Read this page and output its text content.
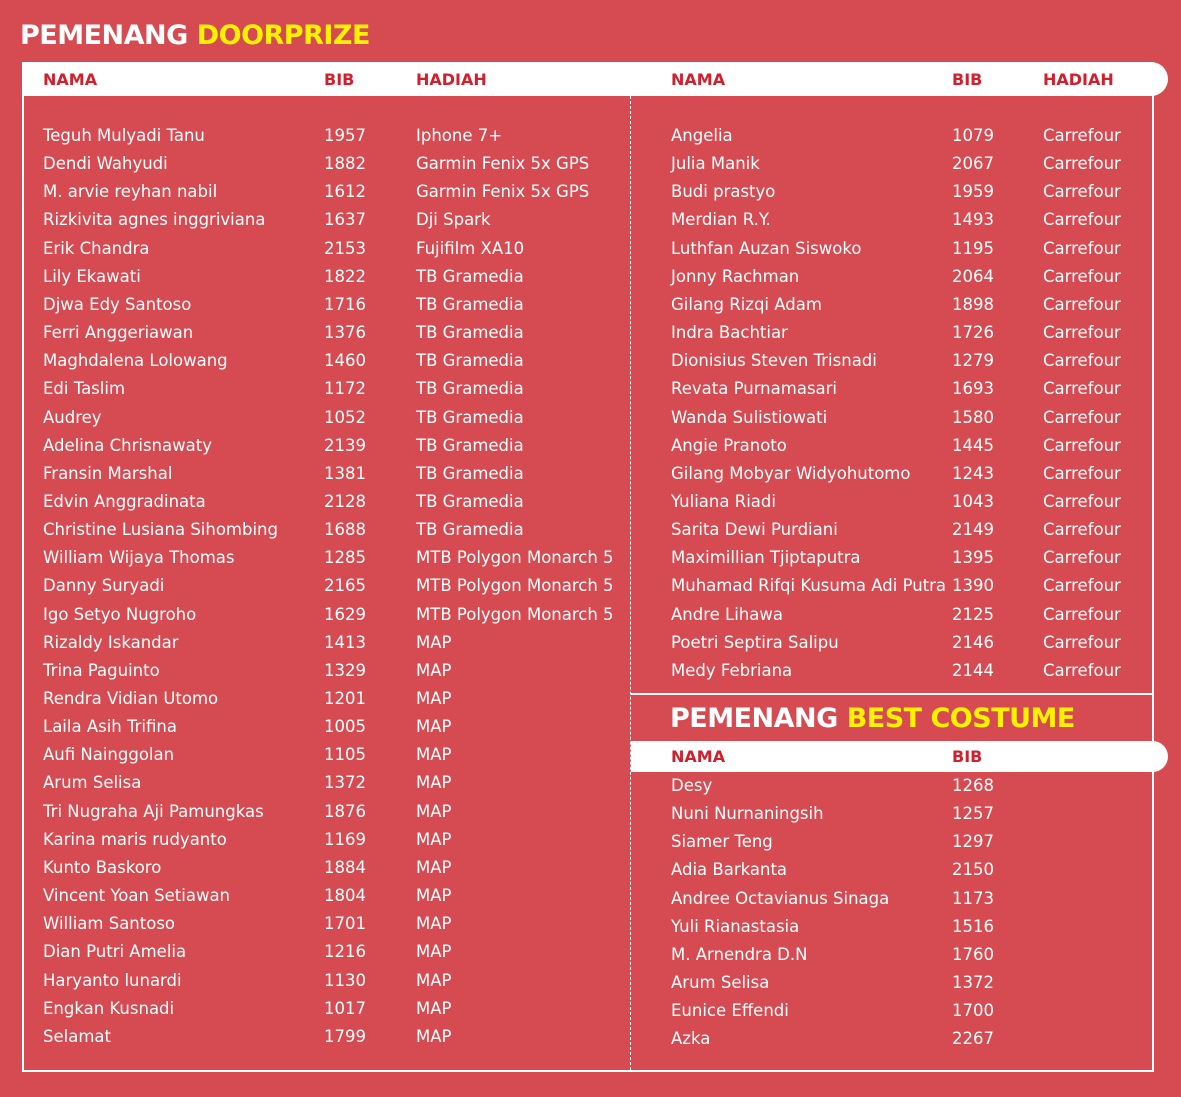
PEMENANG DOORPRIZE
PEMENANG BEST COSTUME
NAMA	BIB	HADIAH	NAMA	BIB	HADIAH
NAMA	BIB
Teguh Mulyadi Tanu	1957	Iphone 7+
Dendi Wahyudi	1882	Garmin Fenix 5x GPS
M. arvie reyhan nabil	1612	Garmin Fenix 5x GPS
Rizkivita agnes inggriviana	1637	Dji Spark
Erik Chandra	2153	Fujifilm XA10
Lily Ekawati	1822	TB Gramedia
Djwa Edy Santoso	1716	TB Gramedia
Ferri Anggeriawan	1376	TB Gramedia
Maghdalena Lolowang	1460	TB Gramedia
Edi Taslim	1172	TB Gramedia
Audrey	1052	TB Gramedia
Adelina Chrisnawaty	2139	TB Gramedia
Fransin Marshal	1381	TB Gramedia
Edvin Anggradinata	2128	TB Gramedia
Christine Lusiana Sihombing	1688	TB Gramedia
William Wijaya Thomas	1285	MTB Polygon Monarch 5
Danny Suryadi	2165	MTB Polygon Monarch 5
Igo Setyo Nugroho	1629	MTB Polygon Monarch 5
Rizaldy Iskandar	1413	MAP
Trina Paguinto	1329	MAP
Rendra Vidian Utomo	1201	MAP
Laila Asih Trifina	1005	MAP
Aufi Nainggolan	1105	MAP
Arum Selisa	1372	MAP
Tri Nugraha Aji Pamungkas	1876	MAP
Karina maris rudyanto	1169	MAP
Kunto Baskoro	1884	MAP
Vincent Yoan Setiawan	1804	MAP
William Santoso	1701	MAP
Dian Putri Amelia	1216	MAP
Haryanto lunardi	1130	MAP
Engkan Kusnadi	1017	MAP
Selamat	1799	MAP
Angelia	1079	Carrefour
Julia Manik	2067	Carrefour
Budi prastyo	1959	Carrefour
Merdian R.Y.	1493	Carrefour
Luthfan Auzan Siswoko	1195	Carrefour
Jonny Rachman	2064	Carrefour
Gilang Rizqi Adam	1898	Carrefour
Indra Bachtiar	1726	Carrefour
Dionisius Steven Trisnadi	1279	Carrefour
Revata Purnamasari	1693	Carrefour
Wanda Sulistiowati	1580	Carrefour
Angie Pranoto	1445	Carrefour
Gilang Mobyar Widyohutomo	1243	Carrefour
Yuliana Riadi	1043	Carrefour
Sarita Dewi Purdiani	2149	Carrefour
Maximillian Tjiptaputra	1395	Carrefour
Muhamad Rifqi Kusuma Adi Putra 1390	Carrefour
Andre Lihawa	2125	Carrefour
Poetri Septira Salipu	2146	Carrefour
Medy Febriana	2144	Carrefour
Desy	1268
Nuni Nurnaningsih	1257
Siamer Teng	1297
Adia Barkanta	2150
Andree Octavianus Sinaga	1173
Yuli Rianastasia	1516
M. Arnendra D.N	1760
Arum Selisa	1372
Eunice Effendi	1700
Azka	2267
